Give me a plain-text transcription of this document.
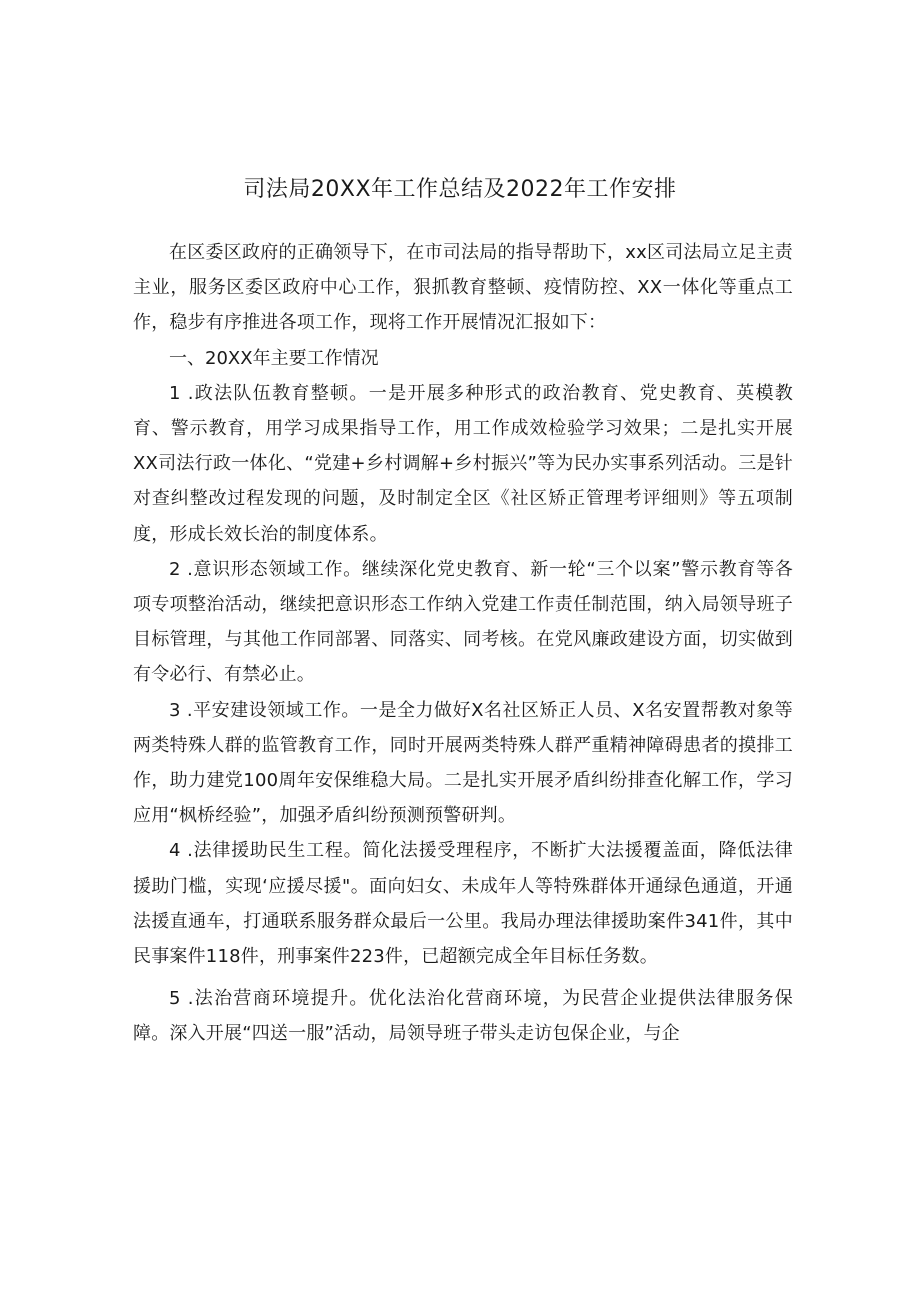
司法局20XX年工作总结及2022年工作安排

在区委区政府的正确领导下，在市司法局的指导帮助下，xx区司法局立足主责主业，服务区委区政府中心工作，狠抓教育整顿、疫情防控、XX一体化等重点工作，稳步有序推进各项工作，现将工作开展情况汇报如下：

一、20XX年主要工作情况

1 .政法队伍教育整顿。一是开展多种形式的政治教育、党史教育、英模教育、警示教育，用学习成果指导工作，用工作成效检验学习效果；二是扎实开展XX司法行政一体化、“党建+乡村调解+乡村振兴”等为民办实事系列活动。三是针对查纠整改过程发现的问题，及时制定全区《社区矫正管理考评细则》等五项制度，形成长效长治的制度体系。

2 .意识形态领域工作。继续深化党史教育、新一轮“三个以案”警示教育等各项专项整治活动，继续把意识形态工作纳入党建工作责任制范围，纳入局领导班子目标管理，与其他工作同部署、同落实、同考核。在党风廉政建设方面，切实做到有令必行、有禁必止。

3 .平安建设领域工作。一是全力做好X名社区矫正人员、X名安置帮教对象等两类特殊人群的监管教育工作，同时开展两类特殊人群严重精神障碍患者的摸排工作，助力建党100周年安保维稳大局。二是扎实开展矛盾纠纷排查化解工作，学习应用“枫桥经验”，加强矛盾纠纷预测预警研判。

4 .法律援助民生工程。简化法援受理程序，不断扩大法援覆盖面，降低法律援助门槛，实现‘应援尽援"。面向妇女、未成年人等特殊群体开通绿色通道，开通法援直通车，打通联系服务群众最后一公里。我局办理法律援助案件341件，其中民事案件118件，刑事案件223件，已超额完成全年目标任务数。

5 .法治营商环境提升。优化法治化营商环境，为民营企业提供法律服务保障。深入开展“四送一服”活动，局领导班子带头走访包保企业，与企
